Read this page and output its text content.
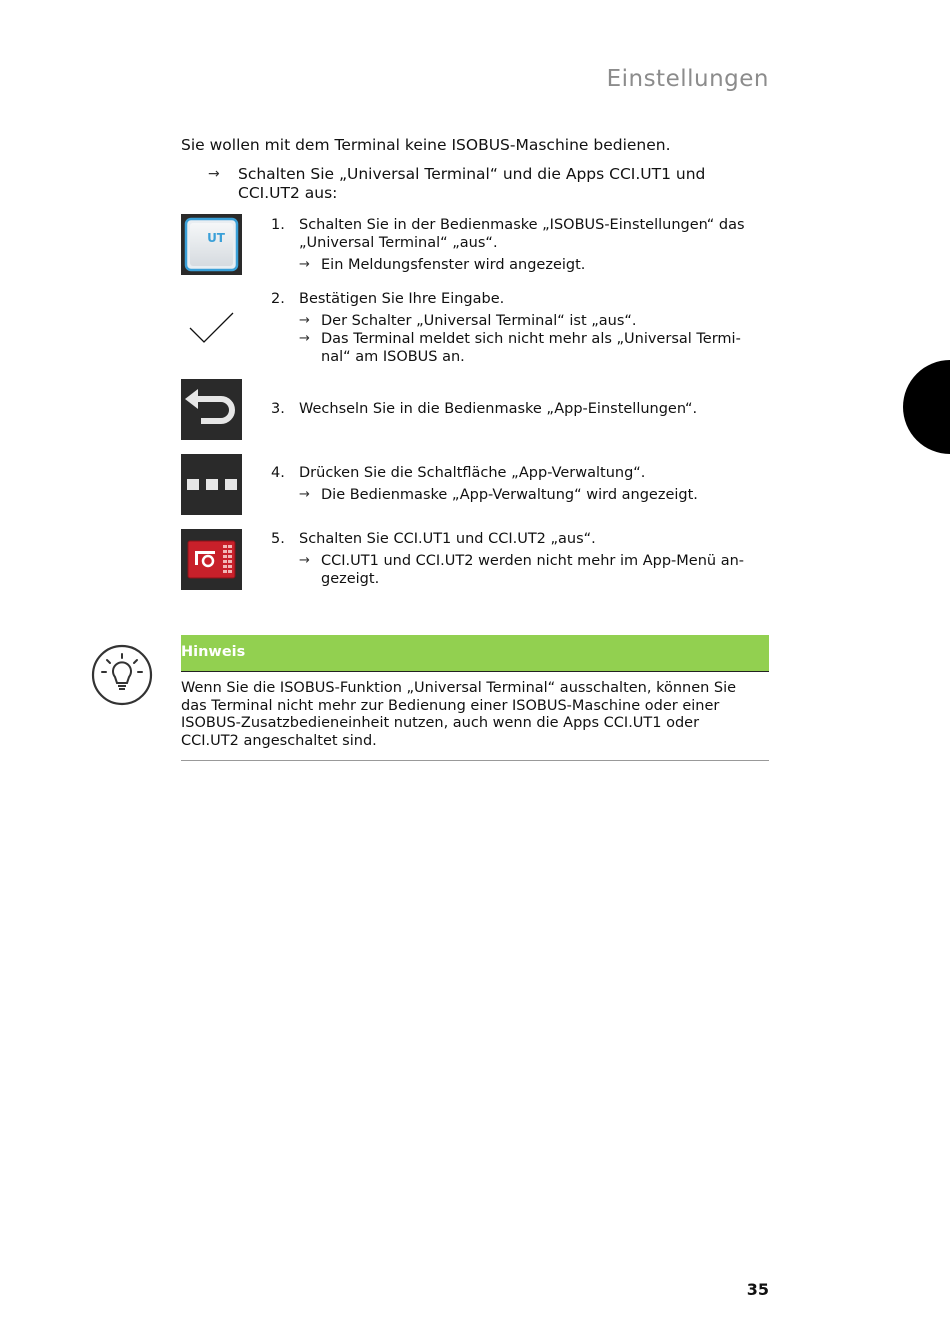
Einstellungen
Sie wollen mit dem Terminal keine ISOBUS-Maschine bedienen.
→ Schalten Sie „Universal Terminal“ und die Apps CCI.UT1 und CCI.UT2 aus:
UT
1. Schalten Sie in der Bedienmaske „ISOBUS-Einstellungen“ das „Universal Terminal“ „aus“.
→ Ein Meldungsfenster wird angezeigt.
2. Bestätigen Sie Ihre Eingabe.
→ Der Schalter „Universal Terminal“ ist „aus“.
→ Das Terminal meldet sich nicht mehr als „Universal Termi-nal“ am ISOBUS an.
3. Wechseln Sie in die Bedienmaske „App-Einstellungen“.
4. Drücken Sie die Schaltfläche „App-Verwaltung“.
→ Die Bedienmaske „App-Verwaltung“ wird angezeigt.
5. Schalten Sie CCI.UT1 und CCI.UT2 „aus“.
→ CCI.UT1 und CCI.UT2 werden nicht mehr im App-Menü an-gezeigt.
Hinweis
Wenn Sie die ISOBUS-Funktion „Universal Terminal“ ausschalten, können Sie das Terminal nicht mehr zur Bedienung einer ISOBUS-Maschine oder einer ISOBUS-Zusatzbedieneinheit nutzen, auch wenn die Apps CCI.UT1 oder CCI.UT2 angeschaltet sind.
35
